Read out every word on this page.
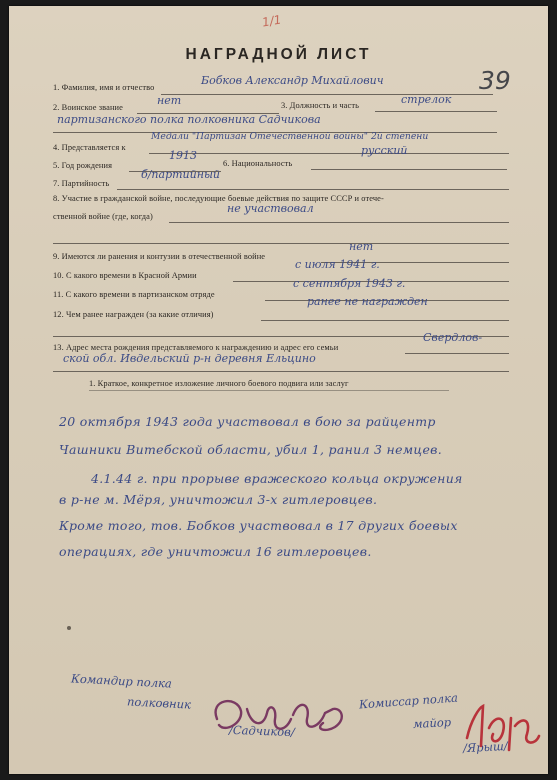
1/1
НАГРАДНОЙ ЛИСТ
39
1. Фамилия, имя и отчество
Бобков Александр Михайлович
2. Воинское звание
нет	3. Должность и часть	стрелок
партизанского полка полковника Садчикова
4. Представляется к
Медали "Партизан Отечественной войны" 2й степени
5. Год рождения
1913
6. Национальность
русский
7. Партийность
б/партийный
8. Участие в гражданской войне, последующие боевые действия по защите СССР и отече-
ственной войне (где, когда)
не участвовал
9. Имеются ли ранения и контузии в отечественной войне
нет
10. С какого времени в Красной Армии
с июля 1941 г.
11. С какого времени в партизанском отряде
с сентября 1943 г.
12. Чем ранее награжден (за какие отличия)
ранее не награжден
13. Адрес места рождения представляемого к награждению и адрес его семьи
Свердлов-
ской обл. Ивдельский р-н деревня Ельцино
1. Краткое, конкретное изложение личного боевого подвига или заслуг
20 октября 1943 года участвовал в бою за райцентр
Чашники Витебской области, убил 1, ранил 3 немцев.
4.1.44 г. при прорыве вражеского кольца окружения
в р-не м. Мёря, уничтожил 3-х гитлеровцев.
Кроме того, тов. Бобков участвовал в 17 других боевых
операциях, где уничтожил 16 гитлеровцев.
Командир полка
полковник
/Садчиков/
Комиссар полка
майор
/Ярыш/
